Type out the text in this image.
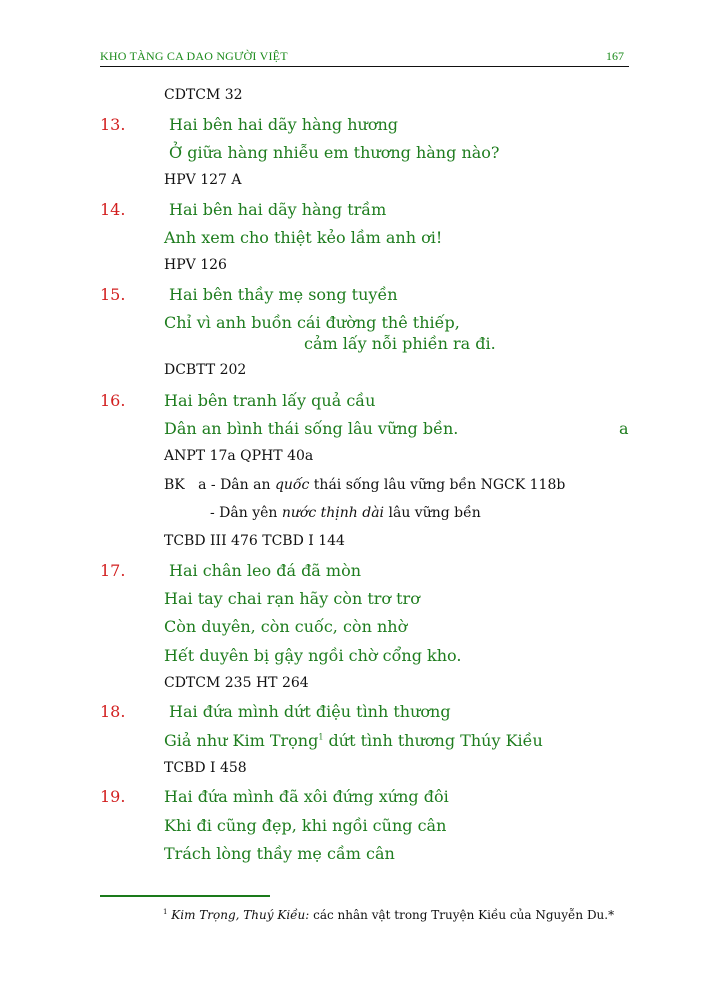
KHO TÀNG CA DAO NGƯỜI VIỆT	167
CDTCM 32
13.	Hai bên hai dãy hàng hương
Ở giữa hàng nhiễu em thương hàng nào?
HPV 127 A
14.	Hai bên hai dãy hàng trầm
Anh xem cho thiệt kẻo lầm anh ơi!
HPV 126
15.	Hai bên thầy mẹ song tuyền
Chỉ vì anh buồn cái đường thê thiếp,
cảm lấy nỗi phiền ra đi.
DCBTT 202
16. Hai bên tranh lấy quả cầu
Dân an bình thái sống lâu vững bền.	a
ANPT 17a QPHT 40a
BK a - Dân an quốc thái sống lâu vững bền NGCK 118b
- Dân yên nước thịnh dài lâu vững bền
TCBD III 476 TCBD I 144
17.	Hai chân leo đá đã mòn
Hai tay chai rạn hãy còn trơ trơ
Còn duyên, còn cuốc, còn nhờ
Hết duyên bị gậy ngồi chờ cổng kho.
CDTCM 235 HT 264
18.	Hai đứa mình dứt điệu tình thương
Giả như Kim Trọng$^1$ dứt tình thương Thúy Kiều
TCBD I 458
19. Hai đứa mình đã xôi đứng xứng đôi
Khi đi cũng đẹp, khi ngồi cũng cân
Trách lòng thầy mẹ cầm cân
$^1$ Kim Trọng, Thuý Kiều: các nhân vật trong Truyện Kiều của Nguyễn Du.*
